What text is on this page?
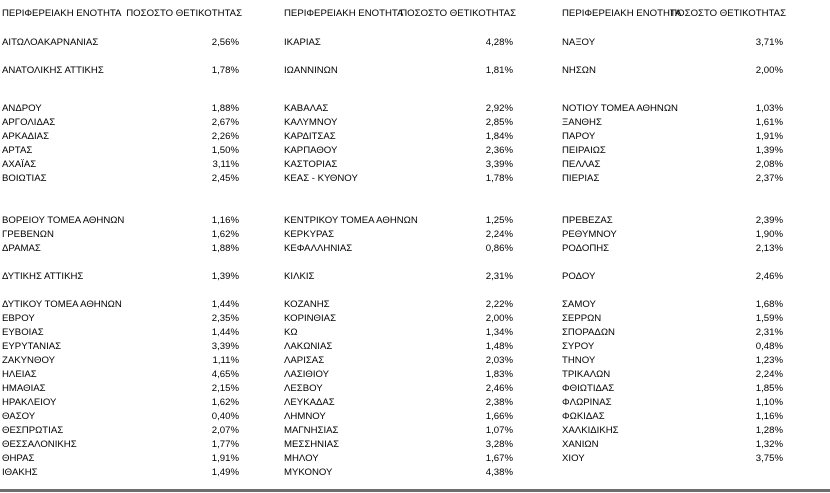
ΠΕΡΙΦΕΡΕΙΑΚΗ ΕΝΟΤΗΤΑ ΠΟΣΟΣΤΟ ΘΕΤΙΚΟΤΗΤΑΣ
ΑΙΤΩΛΟΑΚΑΡΝΑΝΙΑΣ	2,56%
ΑΝΑΤΟΛΙΚΗΣ ΑΤΤΙΚΗΣ	1,78%
ΑΝΔΡΟΥ	1,88%
ΑΡΓΟΛΙΔΑΣ	2,67%
ΑΡΚΑΔΙΑΣ	2,26%
ΑΡΤΑΣ	1,50%
ΑΧΑΪΑΣ	3,11%
ΒΟΙΩΤΙΑΣ	2,45%
ΒΟΡΕΙΟΥ ΤΟΜΕΑ ΑΘΗΝΩΝ	1,16%
ΓΡΕΒΕΝΩΝ	1,62%
ΔΡΑΜΑΣ	1,88%
ΔΥΤΙΚΗΣ ΑΤΤΙΚΗΣ	1,39%
ΔΥΤΙΚΟΥ ΤΟΜΕΑ ΑΘΗΝΩΝ	1,44%
ΕΒΡΟΥ	2,35%
ΕΥΒΟΙΑΣ	1,44%
ΕΥΡΥΤΑΝΙΑΣ	3,39%
ΖΑΚΥΝΘΟΥ	1,11%
ΗΛΕΙΑΣ	4,65%
ΗΜΑΘΙΑΣ	2,15%
ΗΡΑΚΛΕΙΟΥ	1,62%
ΘΑΣΟΥ	0,40%
ΘΕΣΠΡΩΤΙΑΣ	2,07%
ΘΕΣΣΑΛΟΝΙΚΗΣ	1,77%
ΘΗΡΑΣ	1,91%
ΙΘΑΚΗΣ	1,49%
ΠΕΡΙΦΕΡΕΙΑΚΗ ΕΝΟΤΗΤΑ
ΠΟΣΟΣΤΟ ΘΕΤΙΚΟΤΗΤΑΣ
ΙΚΑΡΙΑΣ	4,28%
ΙΩΑΝΝΙΝΩΝ	1,81%
ΚΑΒΑΛΑΣ	2,92%
ΚΑΛΥΜΝΟΥ	2,85%
ΚΑΡΔΙΤΣΑΣ	1,84%
ΚΑΡΠΑΘΟΥ	2,36%
ΚΑΣΤΟΡΙΑΣ	3,39%
ΚΕΑΣ - ΚΥΘΝΟΥ	1,78%
ΚΕΝΤΡΙΚΟΥ ΤΟΜΕΑ ΑΘΗΝΩΝ	1,25%
ΚΕΡΚΥΡΑΣ	2,24%
ΚΕΦΑΛΛΗΝΙΑΣ	0,86%
ΚΙΛΚΙΣ	2,31%
ΚΟΖΑΝΗΣ	2,22%
ΚΟΡΙΝΘΙΑΣ	2,00%
ΚΩ	1,34%
ΛΑΚΩΝΙΑΣ	1,48%
ΛΑΡΙΣΑΣ	2,03%
ΛΑΣΙΘΙΟΥ	1,83%
ΛΕΣΒΟΥ	2,46%
ΛΕΥΚΑΔΑΣ	2,38%
ΛΗΜΝΟΥ	1,66%
ΜΑΓΝΗΣΙΑΣ	1,07%
ΜΕΣΣΗΝΙΑΣ	3,28%
ΜΗΛΟΥ	1,67%
ΜΥΚΟΝΟΥ	4,38%
ΠΕΡΙΦΕΡΕΙΑΚΗ ΕΝΟΤΗΤΑ
ΠΟΣΟΣΤΟ ΘΕΤΙΚΟΤΗΤΑΣ
ΝΑΞΟΥ	3,71%
ΝΗΣΩΝ	2,00%
ΝΟΤΙΟΥ ΤΟΜΕΑ ΑΘΗΝΩΝ	1,03%
ΞΑΝΘΗΣ	1,61%
ΠΑΡΟΥ	1,91%
ΠΕΙΡΑΙΩΣ	1,39%
ΠΕΛΛΑΣ	2,08%
ΠΙΕΡΙΑΣ	2,37%
ΠΡΕΒΕΖΑΣ	2,39%
ΡΕΘΥΜΝΟΥ	1,90%
ΡΟΔΟΠΗΣ	2,13%
ΡΟΔΟΥ	2,46%
ΣΑΜΟΥ	1,68%
ΣΕΡΡΩΝ	1,59%
ΣΠΟΡΑΔΩΝ	2,31%
ΣΥΡΟΥ	0,48%
ΤΗΝΟΥ	1,23%
ΤΡΙΚΑΛΩΝ	2,24%
ΦΘΙΩΤΙΔΑΣ	1,85%
ΦΛΩΡΙΝΑΣ	1,10%
ΦΩΚΙΔΑΣ	1,16%
ΧΑΛΚΙΔΙΚΗΣ	1,28%
ΧΑΝΙΩΝ	1,32%
ΧΙΟΥ	3,75%
